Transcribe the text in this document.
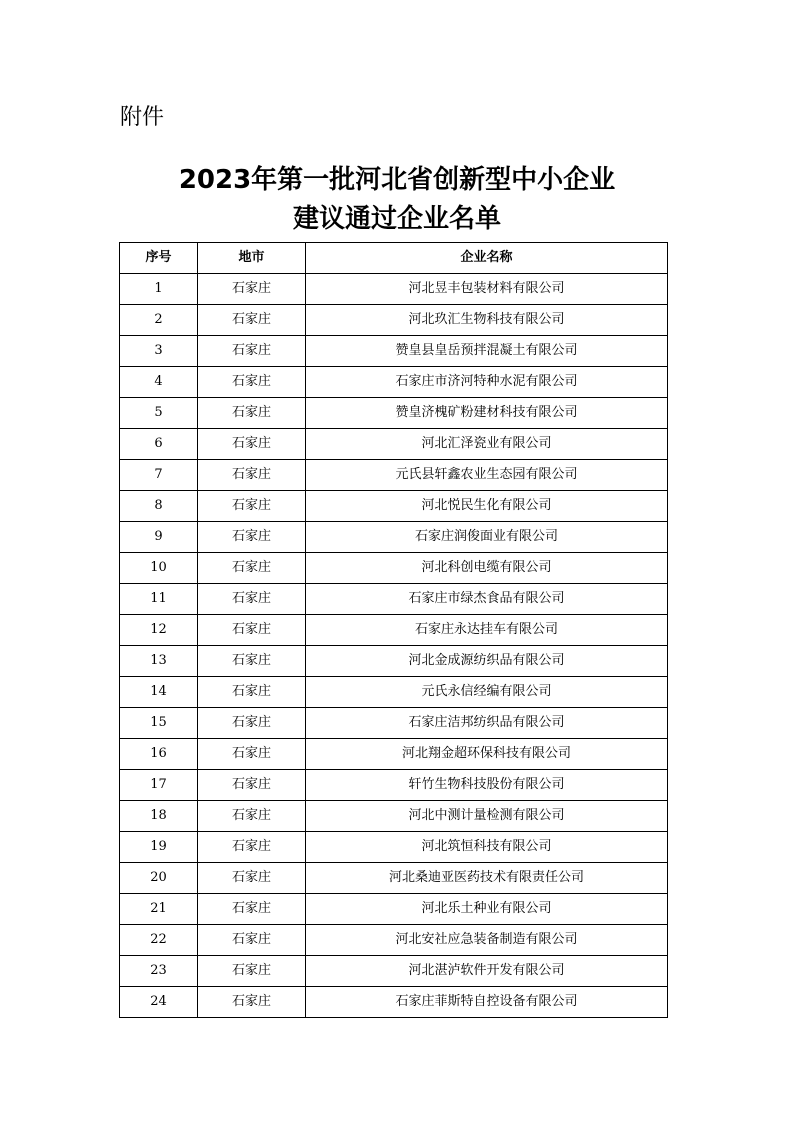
附件
2023年第一批河北省创新型中小企业
建议通过企业名单
序号	地市	企业名称
1	石家庄	河北昱丰包装材料有限公司
2	石家庄	河北玖汇生物科技有限公司
3	石家庄	赞皇县皇岳预拌混凝土有限公司
4	石家庄	石家庄市济河特种水泥有限公司
5	石家庄	赞皇济槐矿粉建材科技有限公司
6	石家庄	河北汇泽瓷业有限公司
7	石家庄	元氏县轩鑫农业生态园有限公司
8	石家庄	河北悦民生化有限公司
9	石家庄	石家庄润俊面业有限公司
10	石家庄	河北科创电缆有限公司
11	石家庄	石家庄市绿杰食品有限公司
12	石家庄	石家庄永达挂车有限公司
13	石家庄	河北金成源纺织品有限公司
14	石家庄	元氏永信经编有限公司
15	石家庄	石家庄洁邦纺织品有限公司
16	石家庄	河北翔金超环保科技有限公司
17	石家庄	轩竹生物科技股份有限公司
18	石家庄	河北中测计量检测有限公司
19	石家庄	河北筑恒科技有限公司
20	石家庄	河北桑迪亚医药技术有限责任公司
21	石家庄	河北乐土种业有限公司
22	石家庄	河北安社应急装备制造有限公司
23	石家庄	河北湛泸软件开发有限公司
24	石家庄	石家庄菲斯特自控设备有限公司
